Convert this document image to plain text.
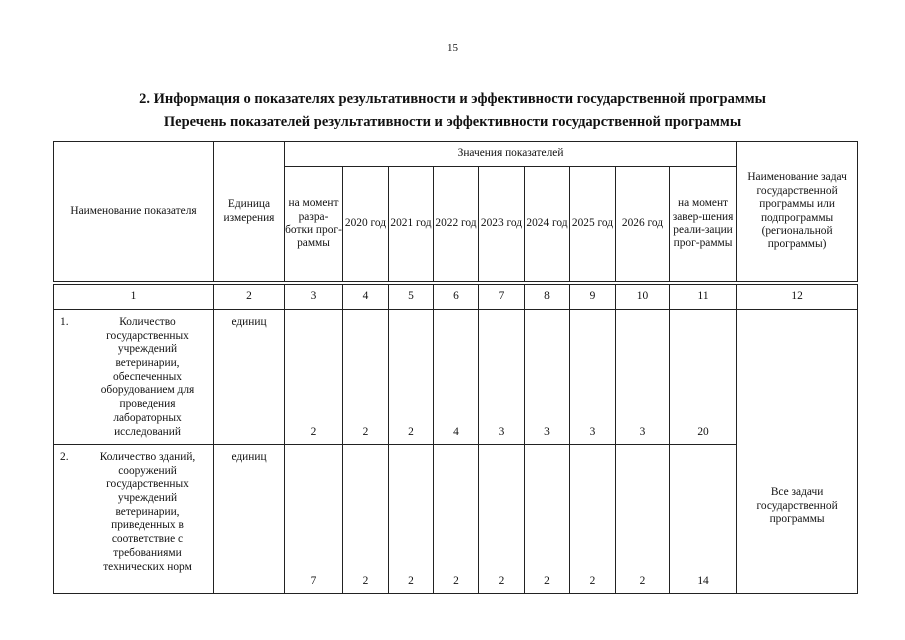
15
2. Информация о показателях результативности и эффективности государственной программы
Перечень показателей результативности и эффективности государственной программы
Наименование показателя	Единица измерения	Значения показателей									Наименование задач государственной программы или подпрограммы (региональной программы)
		на момент разра-ботки прог-раммы	2020 год	2021 год	2022 год	2023 год	2024 год	2025 год	2026 год	на момент завер-шения реали-зации прог-раммы	

1	2	3	4	5	6	7	8	9	10	11	12

1. Количество государственных учреждений ветеринарии, обеспеченных оборудованием для проведения лабораторных исследований	единиц	2	2	2	4	3	3	3	3	20	Все задачи государственной программы

2. Количество зданий, сооружений государственных учреждений ветеринарии, приведенных в соответствие с требованиями технических норм	единиц	7	2	2	2	2	2	2	2	14	
